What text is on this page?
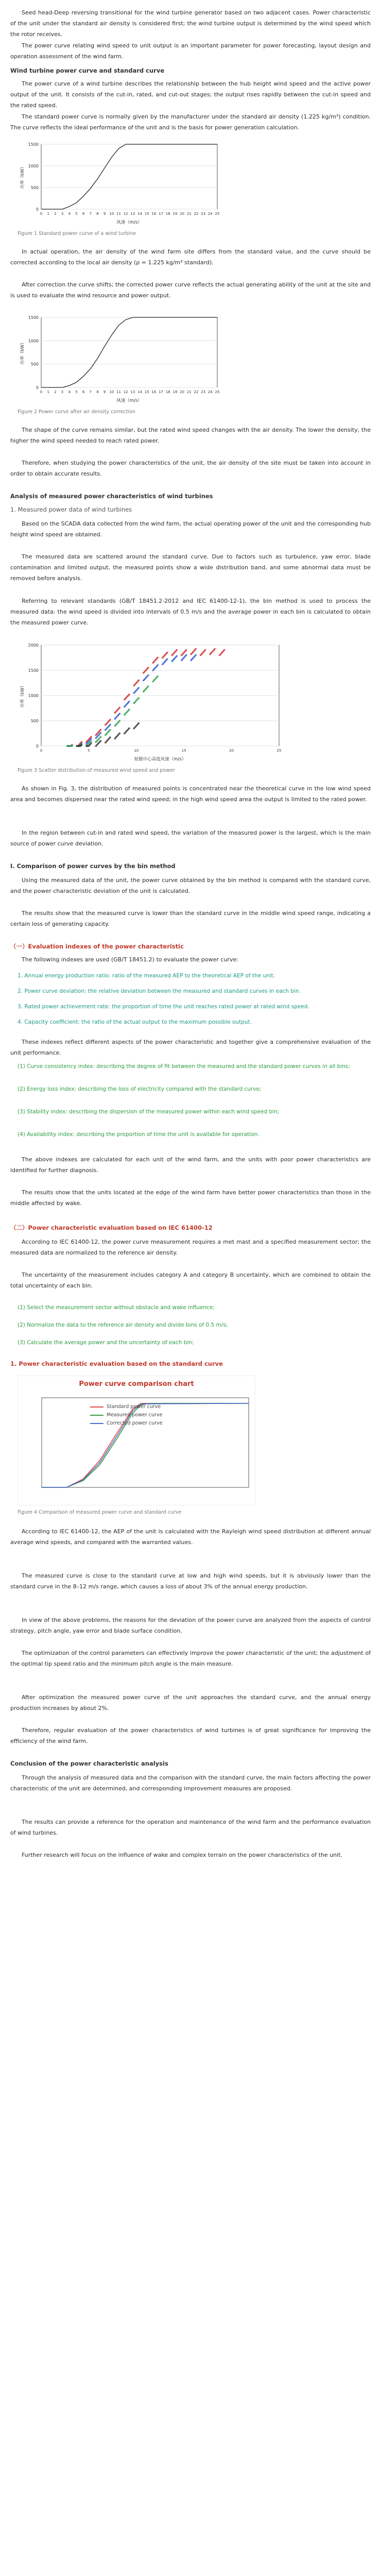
Seed head-Deep reversing transitional for the wind turbine generator based on two adjacent cases. Power characteristic of the unit under the standard air density is considered first; the wind turbine output is determined by the wind speed which the rotor receives.

The power curve relating wind speed to unit output is an important parameter for power forecasting, layout design and operation assessment of the wind farm.

Wind turbine power curve and standard curve

The power curve of a wind turbine describes the relationship between the hub height wind speed and the active power output of the unit. It consists of the cut-in, rated, and cut-out stages; the output rises rapidly between the cut-in speed and the rated speed.

The standard power curve is normally given by the manufacturer under the standard air density (1.225 kg/m³) condition. The curve reflects the ideal performance of the unit and is the basis for power generation calculation.

0
500
1000
1500
0 1 2 3 4 5 6 7 8 9 10 11 12 13 14 15 16 17 18 19 20 21 22 23 24 25
风速（m/s）
功率（kW）

Figure 1 Standard power curve of a wind turbine

In actual operation, the air density of the wind farm site differs from the standard value, and the curve should be corrected according to the local air density (ρ = 1.225 kg/m³ standard).

After correction the curve shifts; the corrected power curve reflects the actual generating ability of the unit at the site and is used to evaluate the wind resource and power output.

0
500
1000
1500
0 1 2 3 4 5 6 7 8 9 10 11 12 13 14 15 16 17 18 19 20 21 22 23 24 25
风速（m/s）
功率（kW）

Figure 2 Power curve after air density correction

The shape of the curve remains similar, but the rated wind speed changes with the air density. The lower the density, the higher the wind speed needed to reach rated power.

Therefore, when studying the power characteristics of the unit, the air density of the site must be taken into account in order to obtain accurate results.

Analysis of measured power characteristics of wind turbines

1. Measured power data of wind turbines

Based on the SCADA data collected from the wind farm, the actual operating power of the unit and the corresponding hub height wind speed are obtained.

The measured data are scattered around the standard curve. Due to factors such as turbulence, yaw error, blade contamination and limited output, the measured points show a wide distribution band, and some abnormal data must be removed before analysis.

Referring to relevant standards (GB/T 18451.2-2012 and IEC 61400-12-1), the bin method is used to process the measured data: the wind speed is divided into intervals of 0.5 m/s and the average power in each bin is calculated to obtain the measured power curve.

0
500
1000
1500
2000
0	5	10	15	20	25
轮毂中心高度风速（m/s）
功率（kW）

Figure 3 Scatter distribution of measured wind speed and power

As shown in Fig. 3, the distribution of measured points is concentrated near the theoretical curve in the low wind speed area and becomes dispersed near the rated wind speed; in the high wind speed area the output is limited to the rated power.

In the region between cut-in and rated wind speed, the variation of the measured power is the largest, which is the main source of power curve deviation.

Ⅰ. Comparison of power curves by the bin method

Using the measured data of the unit, the power curve obtained by the bin method is compared with the standard curve, and the power characteristic deviation of the unit is calculated.

The results show that the measured curve is lower than the standard curve in the middle wind speed range, indicating a certain loss of generating capacity.

（一）Evaluation indexes of the power characteristic

The following indexes are used (GB/T 18451.2) to evaluate the power curve:

1. Annual energy production ratio: ratio of the measured AEP to the theoretical AEP of the unit.

2. Power curve deviation: the relative deviation between the measured and standard curves in each bin.

3. Rated power achievement rate: the proportion of time the unit reaches rated power at rated wind speed.

4. Capacity coefficient: the ratio of the actual output to the maximum possible output.

These indexes reflect different aspects of the power characteristic and together give a comprehensive evaluation of the unit performance.

(1) Curve consistency index: describing the degree of fit between the measured and the standard power curves in all bins;

(2) Energy loss index: describing the loss of electricity compared with the standard curve;

(3) Stability index: describing the dispersion of the measured power within each wind speed bin;

(4) Availability index: describing the proportion of time the unit is available for operation.

The above indexes are calculated for each unit of the wind farm, and the units with poor power characteristics are identified for further diagnosis.

The results show that the units located at the edge of the wind farm have better power characteristics than those in the middle affected by wake.

（二）Power characteristic evaluation based on IEC 61400-12

According to IEC 61400-12, the power curve measurement requires a met mast and a specified measurement sector; the measured data are normalized to the reference air density.

The uncertainty of the measurement includes category A and category B uncertainty, which are combined to obtain the total uncertainty of each bin.

(1) Select the measurement sector without obstacle and wake influence;

(2) Normalize the data to the reference air density and divide bins of 0.5 m/s;

(3) Calculate the average power and the uncertainty of each bin;

1. Power characteristic evaluation based on the standard curve

Power curve comparison chart

Standard power curve
Measured power curve
Corrected power curve

Figure 4 Comparison of measured power curve and standard curve

According to IEC 61400-12, the AEP of the unit is calculated with the Rayleigh wind speed distribution at different annual average wind speeds, and compared with the warranted values.

The measured curve is close to the standard curve at low and high wind speeds, but it is obviously lower than the standard curve in the 8–12 m/s range, which causes a loss of about 3% of the annual energy production.

In view of the above problems, the reasons for the deviation of the power curve are analyzed from the aspects of control strategy, pitch angle, yaw error and blade surface condition.

The optimization of the control parameters can effectively improve the power characteristic of the unit; the adjustment of the optimal tip speed ratio and the minimum pitch angle is the main measure.

After optimization the measured power curve of the unit approaches the standard curve, and the annual energy production increases by about 2%.

Therefore, regular evaluation of the power characteristics of wind turbines is of great significance for improving the efficiency of the wind farm.

Conclusion of the power characteristic analysis

Through the analysis of measured data and the comparison with the standard curve, the main factors affecting the power characteristic of the unit are determined, and corresponding improvement measures are proposed.

The results can provide a reference for the operation and maintenance of the wind farm and the performance evaluation of wind turbines.

Further research will focus on the influence of wake and complex terrain on the power characteristics of the unit.
